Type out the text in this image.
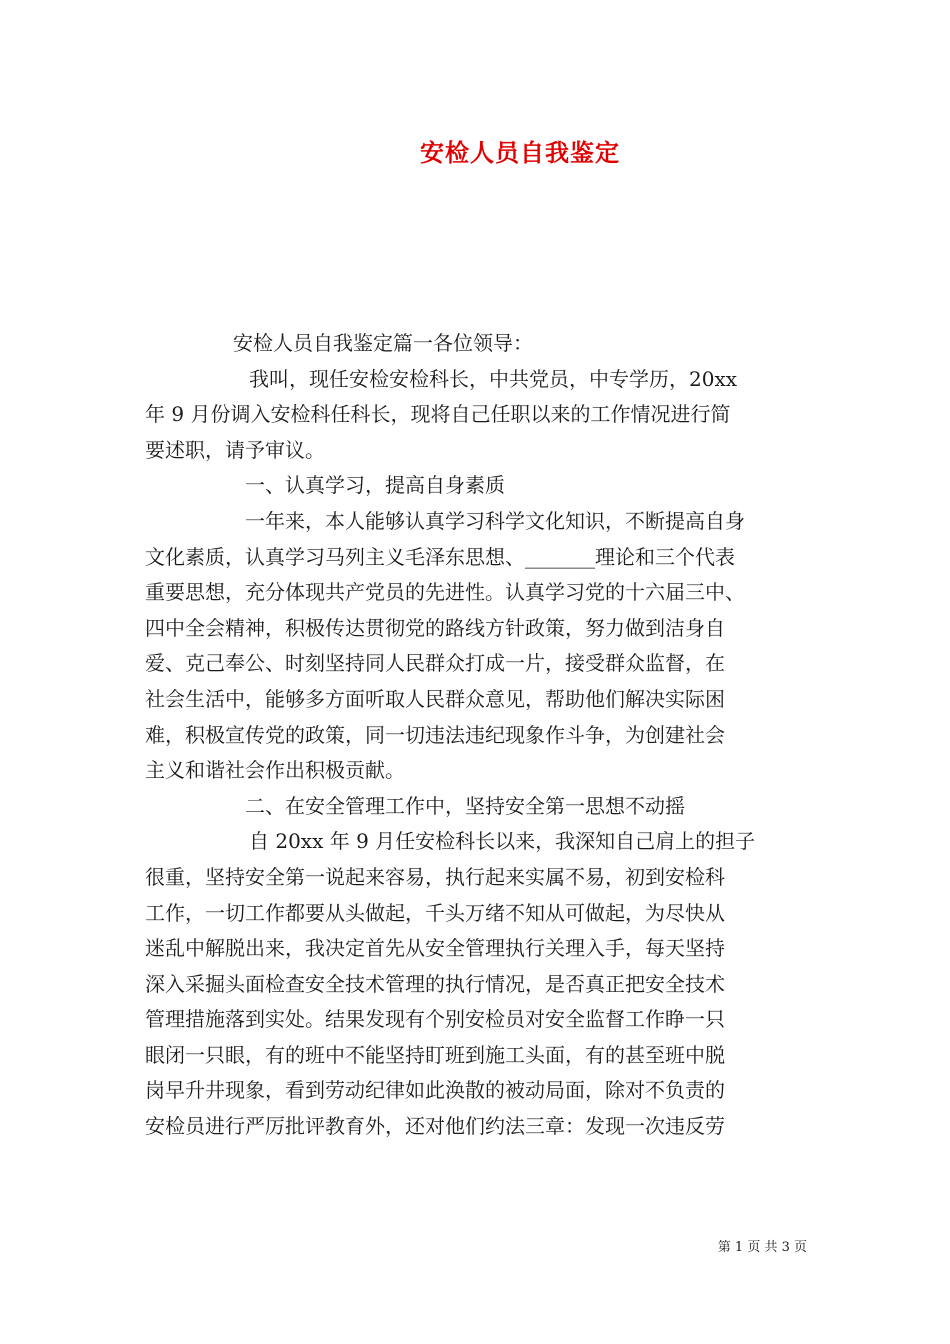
安检人员自我鉴定
安检人员自我鉴定篇一各位领导：
我叫，现任安检安检科长，中共党员，中专学历，20xx
年 9 月份调入安检科任科长，现将自己任职以来的工作情况进行简
要述职，请予审议。
一、认真学习，提高自身素质
一年来，本人能够认真学习科学文化知识，不断提高自身
文化素质，认真学习马列主义毛泽东思想、_______理论和三个代表
重要思想，充分体现共产党员的先进性。认真学习党的十六届三中、
四中全会精神，积极传达贯彻党的路线方针政策，努力做到洁身自
爱、克己奉公、时刻坚持同人民群众打成一片，接受群众监督，在
社会生活中，能够多方面听取人民群众意见，帮助他们解决实际困
难，积极宣传党的政策，同一切违法违纪现象作斗争，为创建社会
主义和谐社会作出积极贡献。
二、在安全管理工作中，坚持安全第一思想不动摇
自 20xx 年 9 月任安检科长以来，我深知自己肩上的担子
很重，坚持安全第一说起来容易，执行起来实属不易，初到安检科
工作，一切工作都要从头做起，千头万绪不知从可做起，为尽快从
迷乱中解脱出来，我决定首先从安全管理执行关理入手，每天坚持
深入采掘头面检查安全技术管理的执行情况，是否真正把安全技术
管理措施落到实处。结果发现有个别安检员对安全监督工作睁一只
眼闭一只眼，有的班中不能坚持盯班到施工头面，有的甚至班中脱
岗早升井现象，看到劳动纪律如此涣散的被动局面，除对不负责的
安检员进行严厉批评教育外，还对他们约法三章：发现一次违反劳
第 1 页 共 3 页
